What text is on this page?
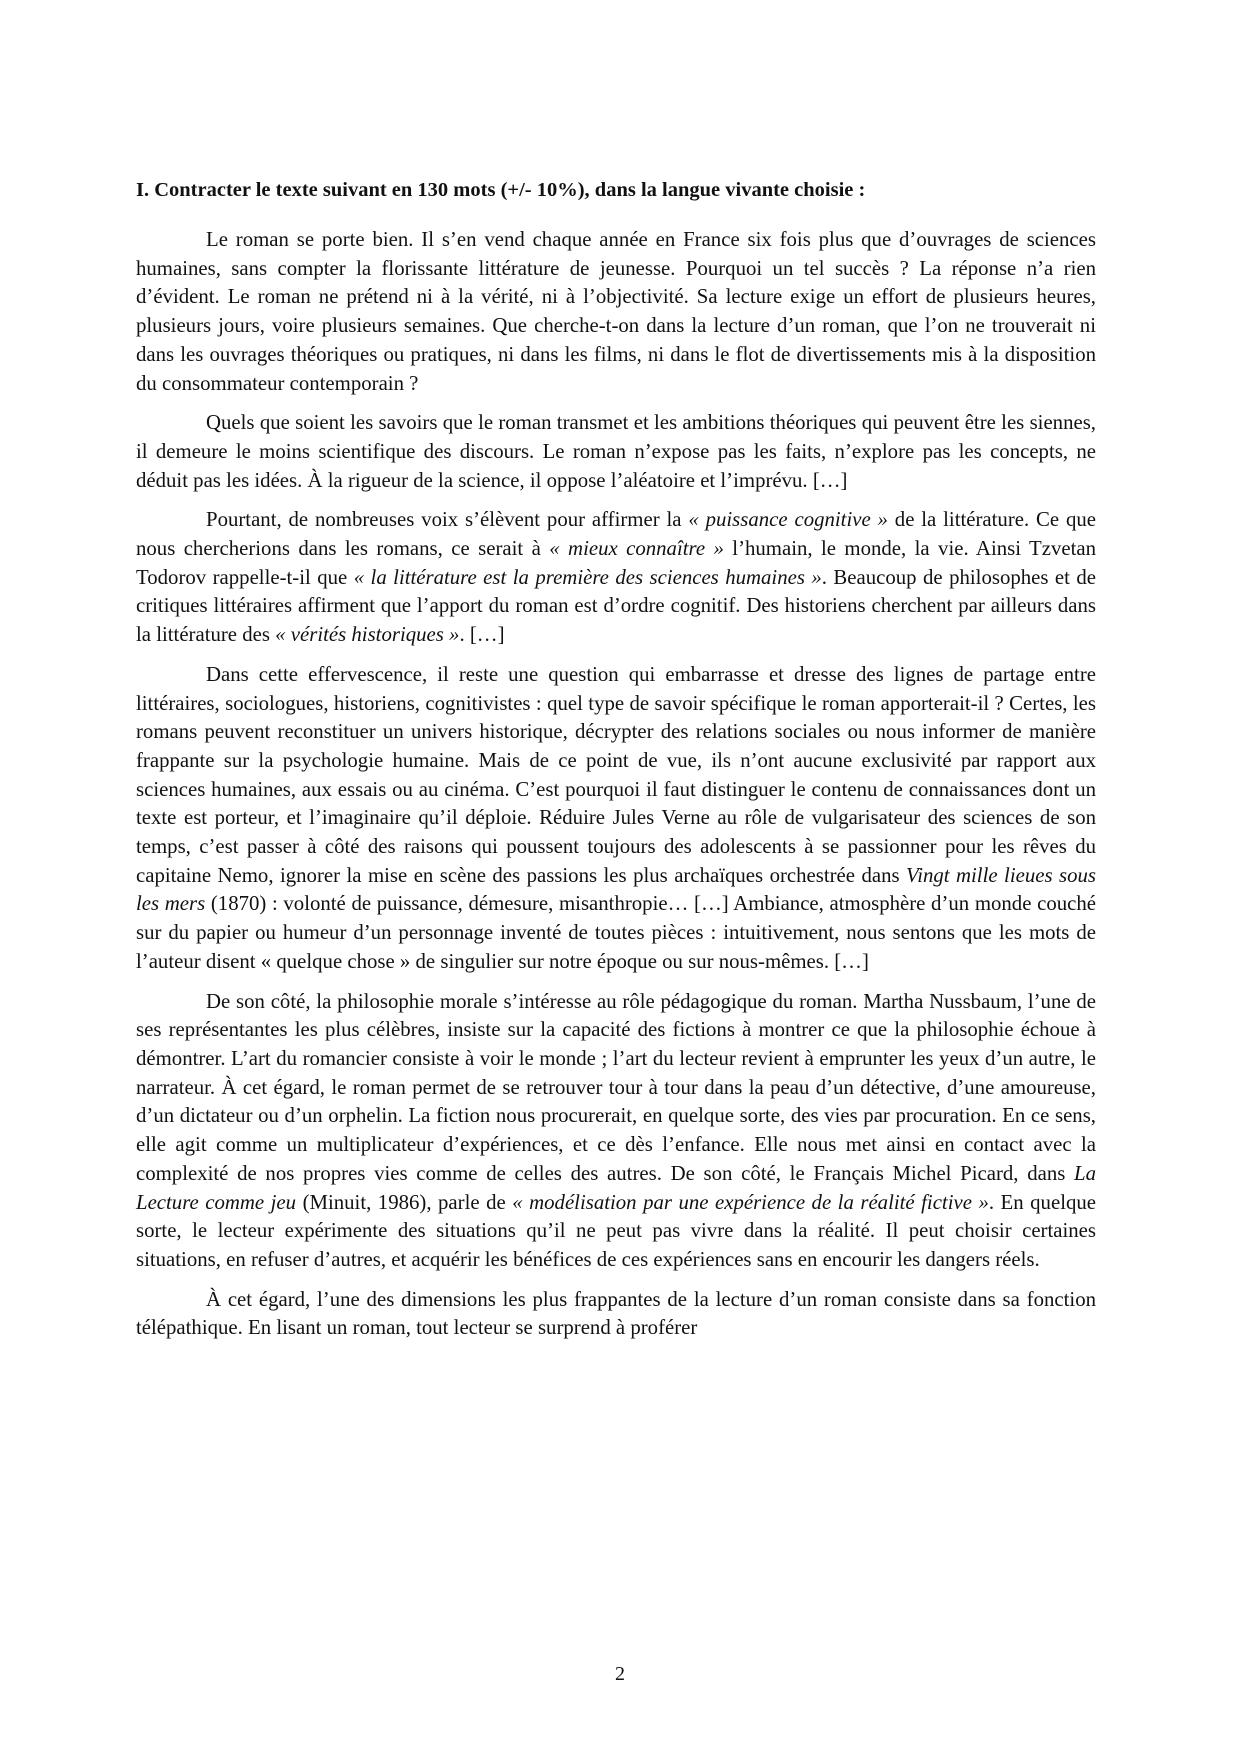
I. Contracter le texte suivant en 130 mots (+/- 10%), dans la langue vivante choisie :

Le roman se porte bien. Il s’en vend chaque année en France six fois plus que d’ouvrages de sciences humaines, sans compter la florissante littérature de jeunesse. Pourquoi un tel succès ? La réponse n’a rien d’évident. Le roman ne prétend ni à la vérité, ni à l’objectivité. Sa lecture exige un effort de plusieurs heures, plusieurs jours, voire plusieurs semaines. Que cherche-t-on dans la lecture d’un roman, que l’on ne trouverait ni dans les ouvrages théoriques ou pratiques, ni dans les films, ni dans le flot de divertissements mis à la disposition du consommateur contemporain ?

Quels que soient les savoirs que le roman transmet et les ambitions théoriques qui peuvent être les siennes, il demeure le moins scientifique des discours. Le roman n’expose pas les faits, n’explore pas les concepts, ne déduit pas les idées. À la rigueur de la science, il oppose l’aléatoire et l’imprévu. […]

Pourtant, de nombreuses voix s’élèvent pour affirmer la « puissance cognitive » de la littérature. Ce que nous chercherions dans les romans, ce serait à « mieux connaître » l’humain, le monde, la vie. Ainsi Tzvetan Todorov rappelle-t-il que « la littérature est la première des sciences humaines ». Beaucoup de philosophes et de critiques littéraires affirment que l’apport du roman est d’ordre cognitif. Des historiens cherchent par ailleurs dans la littérature des « vérités historiques ». […]

Dans cette effervescence, il reste une question qui embarrasse et dresse des lignes de partage entre littéraires, sociologues, historiens, cognitivistes : quel type de savoir spécifique le roman apporterait-il ? Certes, les romans peuvent reconstituer un univers historique, décrypter des relations sociales ou nous informer de manière frappante sur la psychologie humaine. Mais de ce point de vue, ils n’ont aucune exclusivité par rapport aux sciences humaines, aux essais ou au cinéma. C’est pourquoi il faut distinguer le contenu de connaissances dont un texte est porteur, et l’imaginaire qu’il déploie. Réduire Jules Verne au rôle de vulgarisateur des sciences de son temps, c’est passer à côté des raisons qui poussent toujours des adolescents à se passionner pour les rêves du capitaine Nemo, ignorer la mise en scène des passions les plus archaïques orchestrée dans Vingt mille lieues sous les mers (1870) : volonté de puissance, démesure, misanthropie… […] Ambiance, atmosphère d’un monde couché sur du papier ou humeur d’un personnage inventé de toutes pièces : intuitivement, nous sentons que les mots de l’auteur disent « quelque chose » de singulier sur notre époque ou sur nous-mêmes. […]

De son côté, la philosophie morale s’intéresse au rôle pédagogique du roman. Martha Nussbaum, l’une de ses représentantes les plus célèbres, insiste sur la capacité des fictions à montrer ce que la philosophie échoue à démontrer. L’art du romancier consiste à voir le monde ; l’art du lecteur revient à emprunter les yeux d’un autre, le narrateur. À cet égard, le roman permet de se retrouver tour à tour dans la peau d’un détective, d’une amoureuse, d’un dictateur ou d’un orphelin. La fiction nous procurerait, en quelque sorte, des vies par procuration. En ce sens, elle agit comme un multiplicateur d’expériences, et ce dès l’enfance. Elle nous met ainsi en contact avec la complexité de nos propres vies comme de celles des autres. De son côté, le Français Michel Picard, dans La Lecture comme jeu (Minuit, 1986), parle de « modélisation par une expérience de la réalité fictive ». En quelque sorte, le lecteur expérimente des situations qu’il ne peut pas vivre dans la réalité. Il peut choisir certaines situations, en refuser d’autres, et acquérir les bénéfices de ces expériences sans en encourir les dangers réels.

À cet égard, l’une des dimensions les plus frappantes de la lecture d’un roman consiste dans sa fonction télépathique. En lisant un roman, tout lecteur se surprend à proférer

2
